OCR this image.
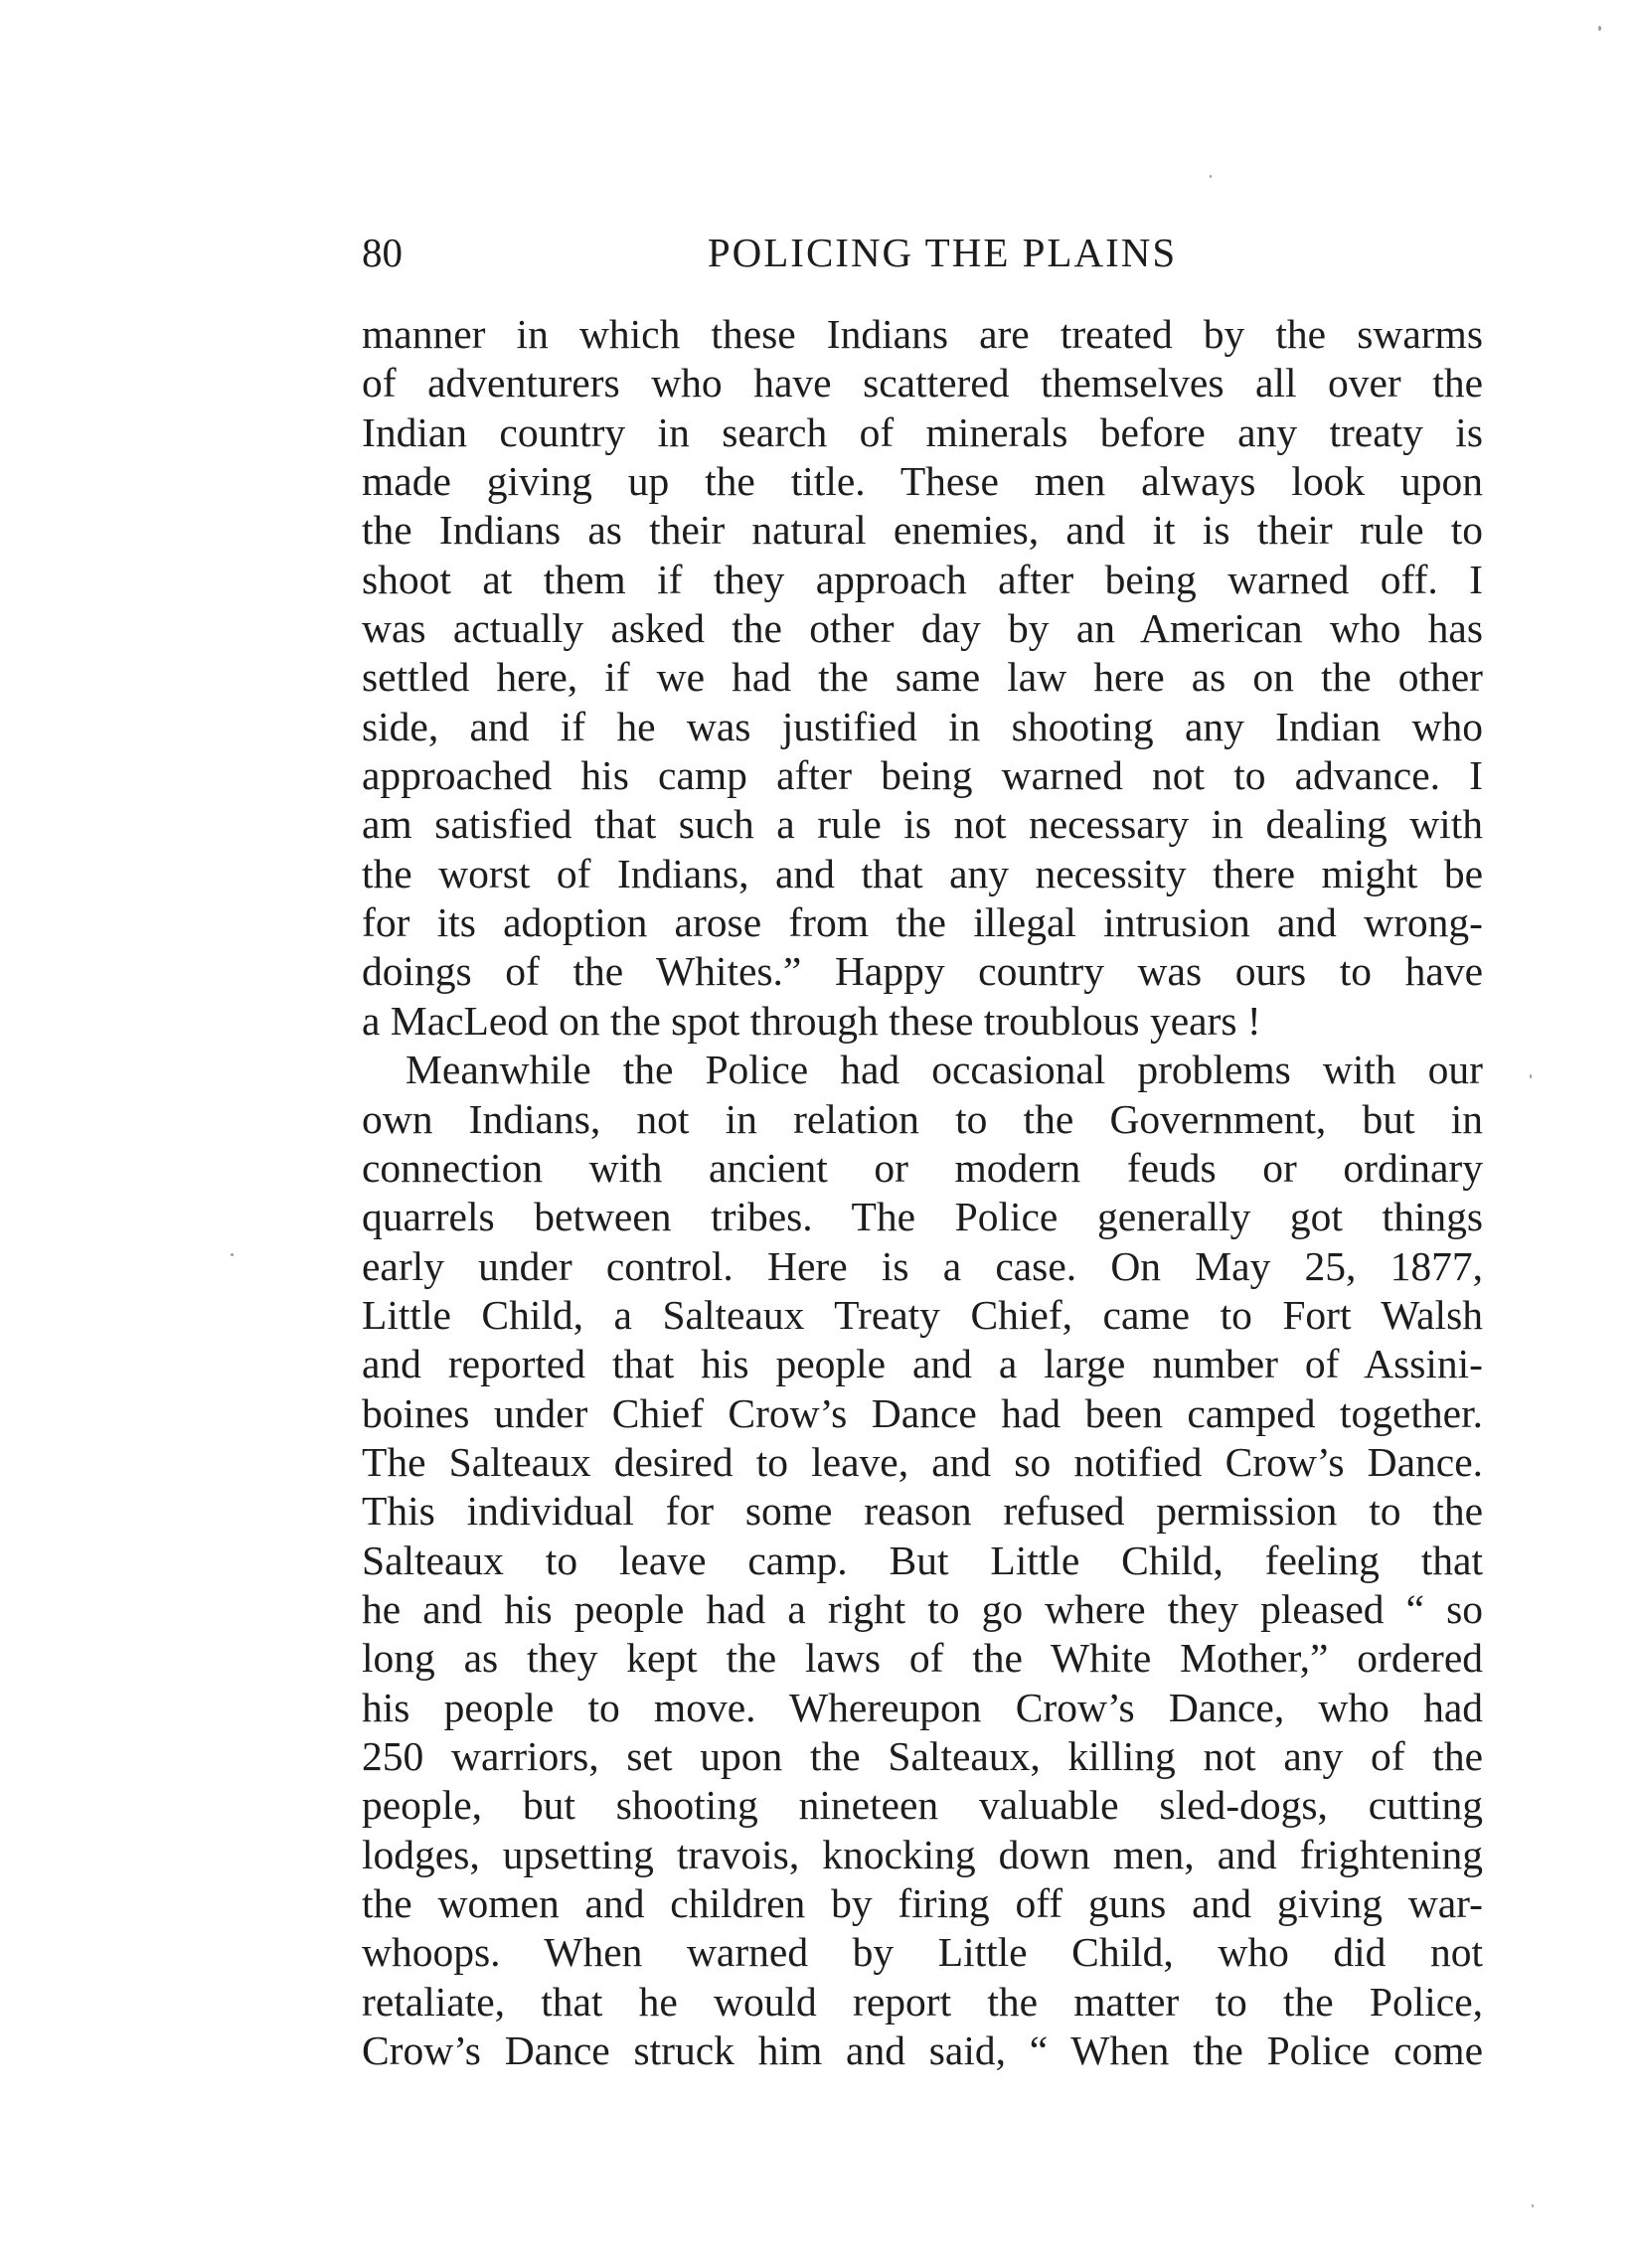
80	POLICING THE PLAINS
manner in which these Indians are treated by the swarms
of adventurers who have scattered themselves all over the
Indian country in search of minerals before any treaty is
made giving up the title. These men always look upon
the Indians as their natural enemies, and it is their rule to
shoot at them if they approach after being warned off. I
was actually asked the other day by an American who has
settled here, if we had the same law here as on the other
side, and if he was justified in shooting any Indian who
approached his camp after being warned not to advance. I
am satisfied that such a rule is not necessary in dealing with
the worst of Indians, and that any necessity there might be
for its adoption arose from the illegal intrusion and wrong-
doings of the Whites.” Happy country was ours to have
a MacLeod on the spot through these troublous years !
Meanwhile the Police had occasional problems with our
own Indians, not in relation to the Government, but in
connection with ancient or modern feuds or ordinary
quarrels between tribes. The Police generally got things
early under control. Here is a case. On May 25, 1877,
Little Child, a Salteaux Treaty Chief, came to Fort Walsh
and reported that his people and a large number of Assini-
boines under Chief Crow’s Dance had been camped together.
The Salteaux desired to leave, and so notified Crow’s Dance.
This individual for some reason refused permission to the
Salteaux to leave camp. But Little Child, feeling that
he and his people had a right to go where they pleased “ so
long as they kept the laws of the White Mother,” ordered
his people to move. Whereupon Crow’s Dance, who had
250 warriors, set upon the Salteaux, killing not any of the
people, but shooting nineteen valuable sled-dogs, cutting
lodges, upsetting travois, knocking down men, and frightening
the women and children by firing off guns and giving war-
whoops. When warned by Little Child, who did not
retaliate, that he would report the matter to the Police,
Crow’s Dance struck him and said, “ When the Police come
